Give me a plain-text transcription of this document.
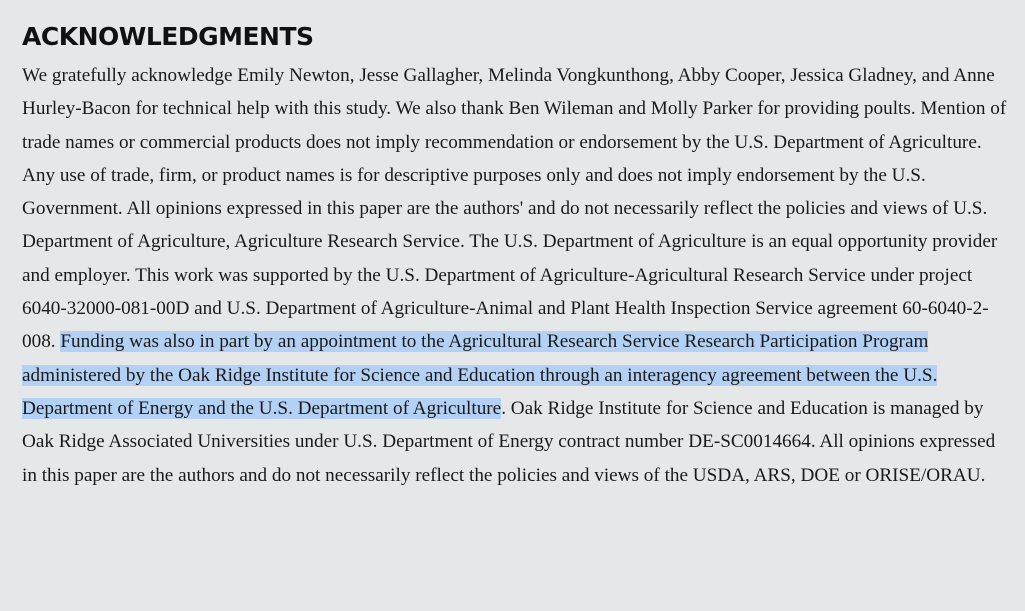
ACKNOWLEDGMENTS

We gratefully acknowledge Emily Newton, Jesse Gallagher, Melinda Vongkunthong, Abby Cooper, Jessica Gladney, and Anne Hurley-Bacon for technical help with this study. We also thank Ben Wileman and Molly Parker for providing poults. Mention of trade names or commercial products does not imply recommendation or endorsement by the U.S. Department of Agriculture. Any use of trade, firm, or product names is for descriptive purposes only and does not imply endorsement by the U.S. Government. All opinions expressed in this paper are the authors' and do not necessarily reflect the policies and views of U.S. Department of Agriculture, Agriculture Research Service. The U.S. Department of Agriculture is an equal opportunity provider and employer. This work was supported by the U.S. Department of Agriculture-Agricultural Research Service under project 6040-32000-081-00D and U.S. Department of Agriculture-Animal and Plant Health Inspection Service agreement 60-6040-2-008. Funding was also in part by an appointment to the Agricultural Research Service Research Participation Program administered by the Oak Ridge Institute for Science and Education through an interagency agreement between the U.S. Department of Energy and the U.S. Department of Agriculture. Oak Ridge Institute for Science and Education is managed by Oak Ridge Associated Universities under U.S. Department of Energy contract number DE-SC0014664. All opinions expressed in this paper are the authors and do not necessarily reflect the policies and views of the USDA, ARS, DOE or ORISE/ORAU.
